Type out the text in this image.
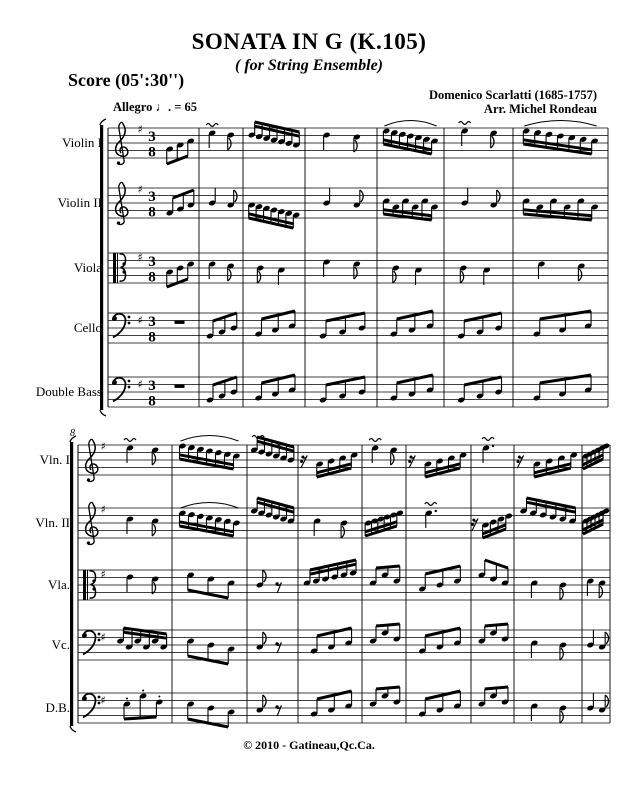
SONATA IN G (K.105)
( for String Ensemble)
Score (05':30'')
Domenico Scarlatti (1685-1757)
Arr. Michel Rondeau
Allegro ♩. = 65
♯ 3
8
♯ 3
8
♯ 3
8
♯ 3
8
♯ 3
8
♯
♯
♯
♯
♯
© 2010 - Gatineau,Qc.Ca.
Violin I
Violin II
Viola
Cello
Double Bass
Vln. I
Vln. II
Vla.
Vc.
D.B.
8
